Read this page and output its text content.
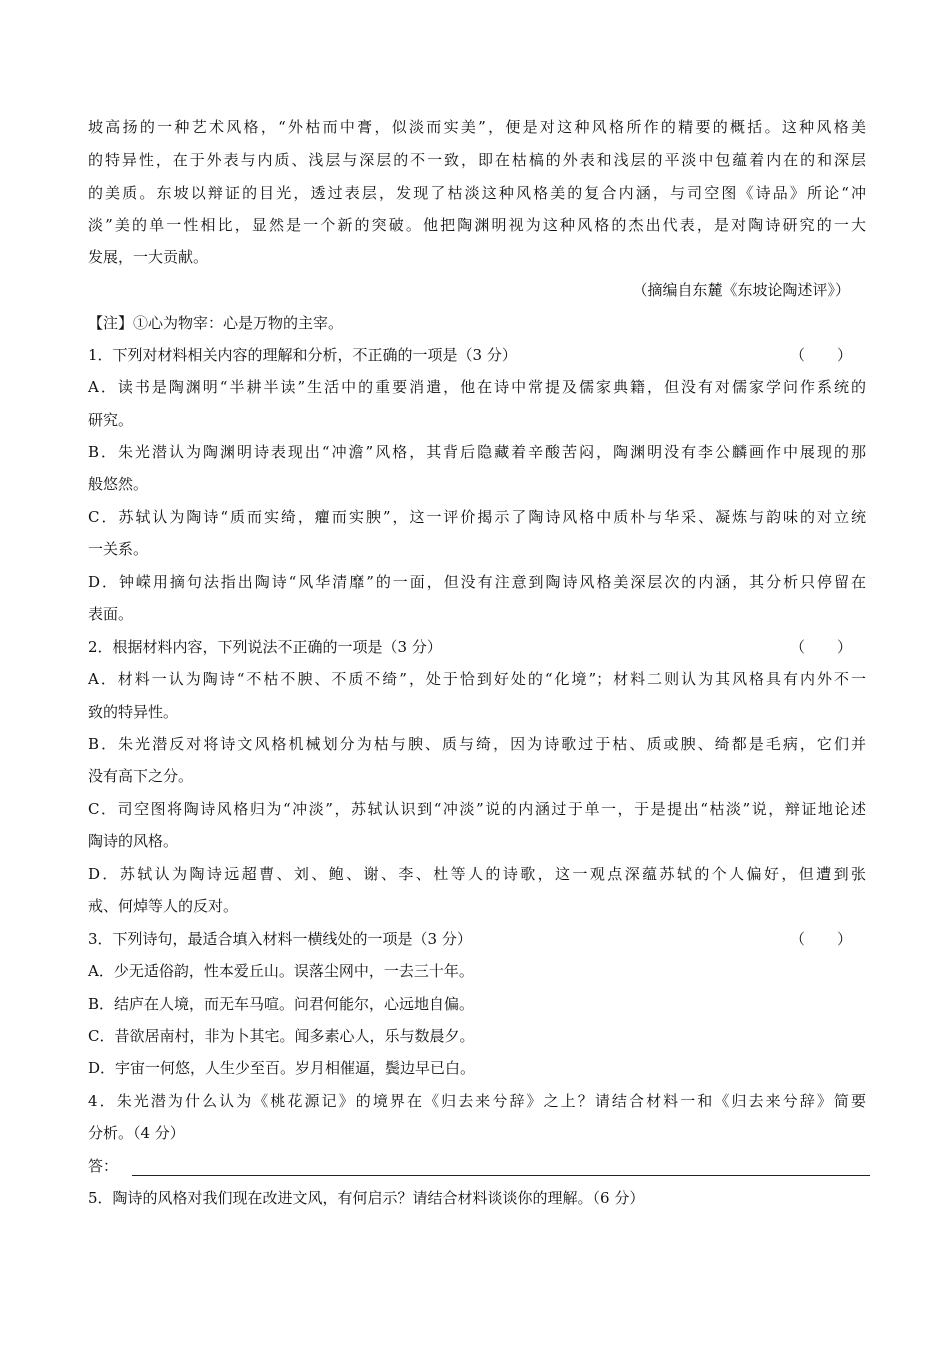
坡高扬的一种艺术风格，“外枯而中膏，似淡而实美”，便是对这种风格所作的精要的概括。这种风格美
的特异性，在于外表与内质、浅层与深层的不一致，即在枯槁的外表和浅层的平淡中包蕴着内在的和深层
的美质。东坡以辩证的目光，透过表层，发现了枯淡这种风格美的复合内涵，与司空图《诗品》所论“冲
淡”美的单一性相比，显然是一个新的突破。他把陶渊明视为这种风格的杰出代表，是对陶诗研究的一大
发展，一大贡献。
（摘编自东麓《东坡论陶述评》）
【注】①心为物宰：心是万物的主宰。
1．下列对材料相关内容的理解和分析，不正确的一项是（3 分）	（ ）
A．读书是陶渊明“半耕半读”生活中的重要消遣，他在诗中常提及儒家典籍，但没有对儒家学问作系统的
研究。
B．朱光潜认为陶渊明诗表现出“冲澹”风格，其背后隐藏着辛酸苦闷，陶渊明没有李公麟画作中展现的那
般悠然。
C．苏轼认为陶诗“质而实绮，癯而实腴”，这一评价揭示了陶诗风格中质朴与华采、凝炼与韵味的对立统
一关系。
D．钟嵘用摘句法指出陶诗“风华清靡”的一面，但没有注意到陶诗风格美深层次的内涵，其分析只停留在
表面。
2．根据材料内容，下列说法不正确的一项是（3 分）	（ ）
A．材料一认为陶诗“不枯不腴、不质不绮”，处于恰到好处的“化境”；材料二则认为其风格具有内外不一
致的特异性。
B．朱光潜反对将诗文风格机械划分为枯与腴、质与绮，因为诗歌过于枯、质或腴、绮都是毛病，它们并
没有高下之分。
C．司空图将陶诗风格归为“冲淡”，苏轼认识到“冲淡”说的内涵过于单一，于是提出“枯淡”说，辩证地论述
陶诗的风格。
D．苏轼认为陶诗远超曹、刘、鲍、谢、李、杜等人的诗歌，这一观点深蕴苏轼的个人偏好，但遭到张
戒、何焯等人的反对。
3．下列诗句，最适合填入材料一横线处的一项是（3 分）	（ ）
A．少无适俗韵，性本爱丘山。误落尘网中，一去三十年。
B．结庐在人境，而无车马喧。问君何能尔，心远地自偏。
C．昔欲居南村，非为卜其宅。闻多素心人，乐与数晨夕。
D．宇宙一何悠，人生少至百。岁月相催逼，鬓边早已白。
4．朱光潜为什么认为《桃花源记》的境界在《归去来兮辞》之上？请结合材料一和《归去来兮辞》简要
分析。（4 分）
答：
5．陶诗的风格对我们现在改进文风，有何启示？请结合材料谈谈你的理解。（6 分）
